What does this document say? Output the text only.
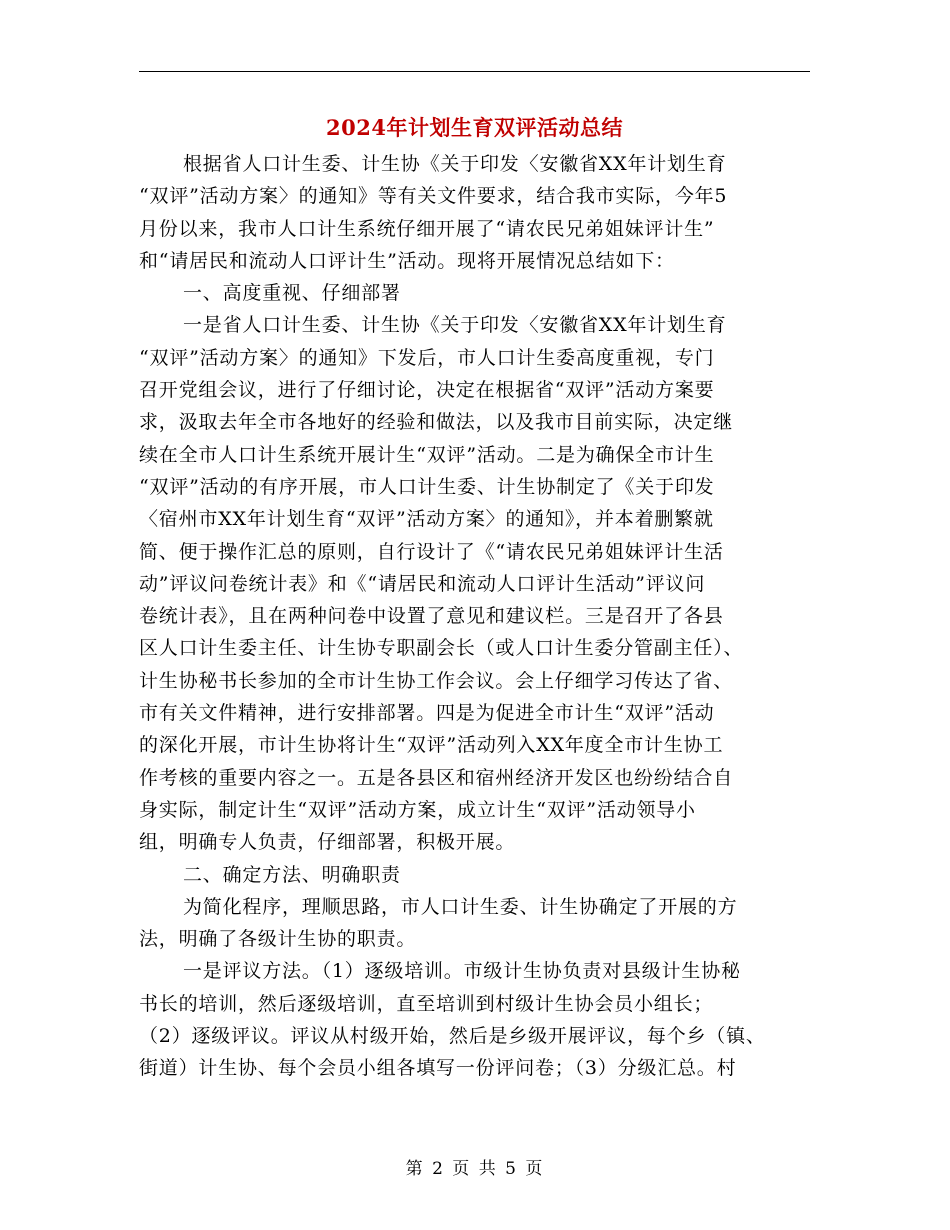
2024年计划生育双评活动总结
根据省人口计生委、计生协《关于印发〈安徽省XX年计划生育
“双评”活动方案〉的通知》等有关文件要求，结合我市实际，今年5
月份以来，我市人口计生系统仔细开展了“请农民兄弟姐妹评计生”
和“请居民和流动人口评计生”活动。现将开展情况总结如下：
一、高度重视、仔细部署
一是省人口计生委、计生协《关于印发〈安徽省XX年计划生育
“双评”活动方案〉的通知》下发后，市人口计生委高度重视，专门
召开党组会议，进行了仔细讨论，决定在根据省“双评”活动方案要
求，汲取去年全市各地好的经验和做法，以及我市目前实际，决定继
续在全市人口计生系统开展计生“双评”活动。二是为确保全市计生
“双评”活动的有序开展，市人口计生委、计生协制定了《关于印发
〈宿州市XX年计划生育“双评”活动方案〉的通知》，并本着删繁就
简、便于操作汇总的原则，自行设计了《“请农民兄弟姐妹评计生活
动”评议问卷统计表》和《“请居民和流动人口评计生活动”评议问
卷统计表》，且在两种问卷中设置了意见和建议栏。三是召开了各县
区人口计生委主任、计生协专职副会长（或人口计生委分管副主任）、
计生协秘书长参加的全市计生协工作会议。会上仔细学习传达了省、
市有关文件精神，进行安排部署。四是为促进全市计生“双评”活动
的深化开展，市计生协将计生“双评”活动列入XX年度全市计生协工
作考核的重要内容之一。五是各县区和宿州经济开发区也纷纷结合自
身实际，制定计生“双评”活动方案，成立计生“双评”活动领导小
组，明确专人负责，仔细部署，积极开展。
二、确定方法、明确职责
为简化程序，理顺思路，市人口计生委、计生协确定了开展的方
法，明确了各级计生协的职责。
一是评议方法。（1）逐级培训。市级计生协负责对县级计生协秘
书长的培训，然后逐级培训，直至培训到村级计生协会员小组长；
（2）逐级评议。评议从村级开始，然后是乡级开展评议，每个乡（镇、
街道）计生协、每个会员小组各填写一份评问卷；（3）分级汇总。村
第 2 页 共 5 页
